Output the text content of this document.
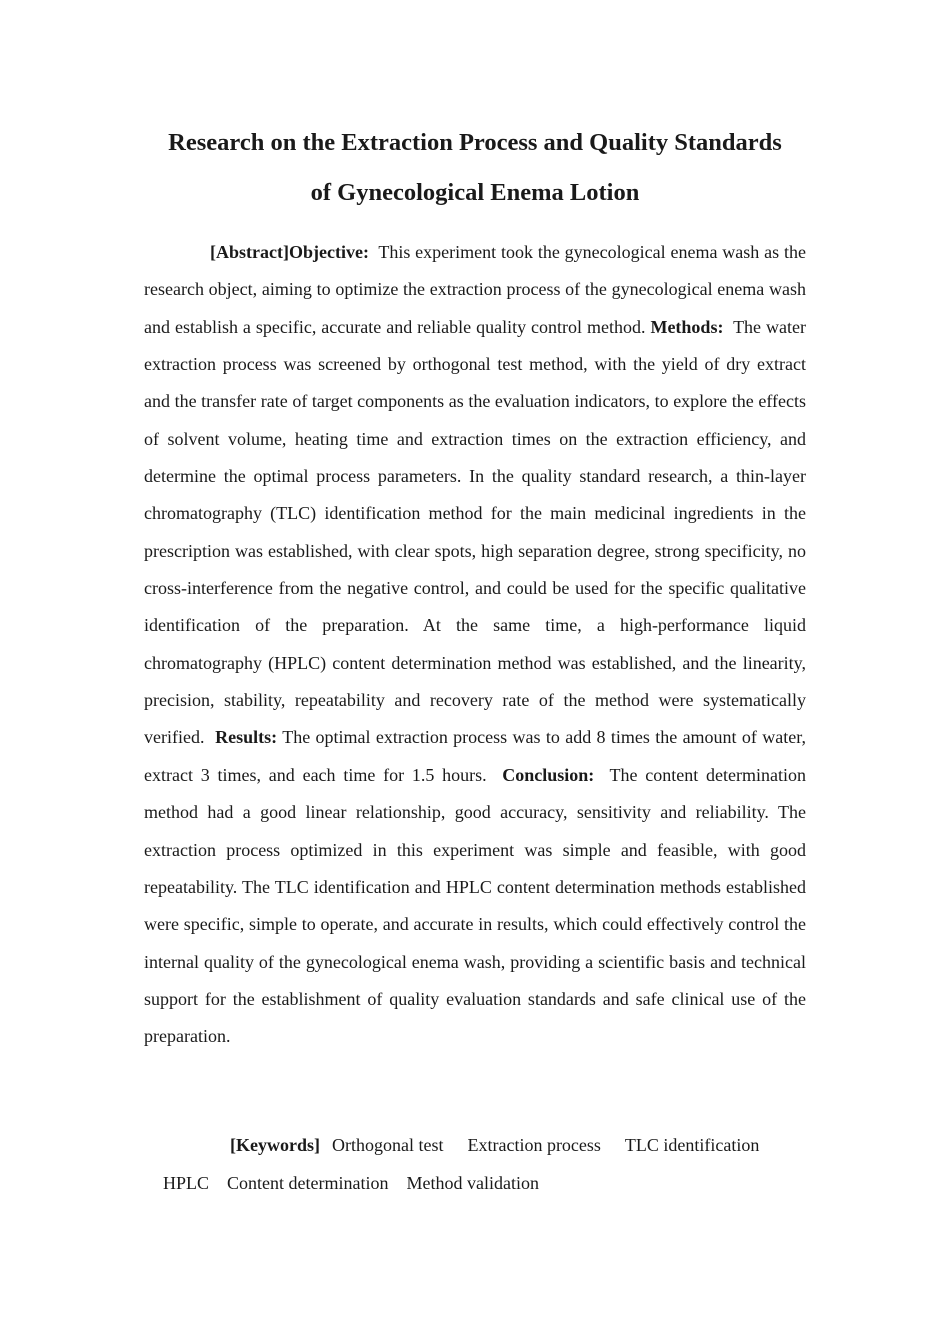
Research on the Extraction Process and Quality Standards
of Gynecological Enema Lotion

[Abstract]Objective: This experiment took the gynecological enema wash as the research object, aiming to optimize the extraction process of the gynecological enema wash and establish a specific, accurate and reliable quality control method. Methods: The water extraction process was screened by orthogonal test method, with the yield of dry extract and the transfer rate of target components as the evaluation indicators, to explore the effects of solvent volume, heating time and extraction times on the extraction efficiency, and determine the optimal process parameters. In the quality standard research, a thin-layer chromatography (TLC) identification method for the main medicinal ingredients in the prescription was established, with clear spots, high separation degree, strong specificity, no cross-interference from the negative control, and could be used for the specific qualitative identification of the preparation. At the same time, a high-performance liquid chromatography (HPLC) content determination method was established, and the linearity, precision, stability, repeatability and recovery rate of the method were systematically verified. Results: The optimal extraction process was to add 8 times the amount of water, extract 3 times, and each time for 1.5 hours. Conclusion: The content determination method had a good linear relationship, good accuracy, sensitivity and reliability. The extraction process optimized in this experiment was simple and feasible, with good repeatability. The TLC identification and HPLC content determination methods established were specific, simple to operate, and accurate in results, which could effectively control the internal quality of the gynecological enema wash, providing a scientific basis and technical support for the establishment of quality evaluation standards and safe clinical use of the preparation.

[Keywords] Orthogonal test Extraction process TLC identification
HPLC Content determination Method validation
